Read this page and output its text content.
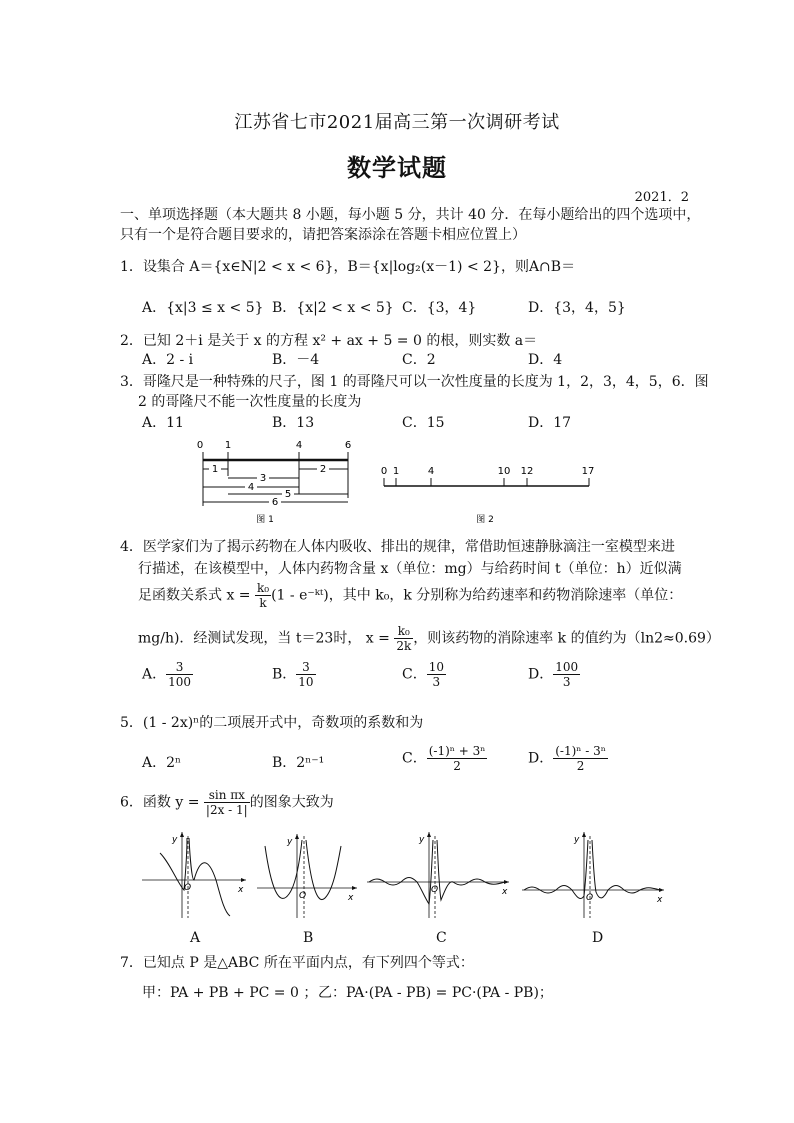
江苏省七市2021届高三第一次调研考试
数学试题
2021．2
一、单项选择题（本大题共 8 小题，每小题 5 分，共计 40 分．在每小题给出的四个选项中，
只有一个是符合题目要求的，请把答案添涂在答题卡相应位置上）
1．设集合 A＝{x∈N|2 < x < 6}，B＝{x|log₂(x－1) < 2}，则A∩B＝
A．{x|3 ≤ x < 5} B．{x|2 < x < 5} C．{3，4}	D．{3，4，5}
2．已知 2＋i 是关于 x 的方程 x² + ax + 5 = 0 的根，则实数 a＝
A．2 - i	B．－4	C．2	D．4
3．哥隆尺是一种特殊的尺子，图 1 的哥隆尺可以一次性度量的长度为 1，2，3，4，5，6．图
2 的哥隆尺不能一次性度量的长度为
A．11	B．13	C．15	D．17
0 1	4	6
1	2
3
4
5
6
图 1
0 1	4	10 12	17
图 2
4．医学家们为了揭示药物在人体内吸收、排出的规律，常借助恒速静脉滴注一室模型来进
行描述，在该模型中，人体内药物含量 x（单位：mg）与给药时间 t（单位：h）近似满
足函数关系式 $x = \frac{\text{k₀}}{k} (1$ - e⁻ᵏᵗ)，其中 k₀，k 分别称为给药速率和药物消除速率（单位：
mg/h)．经测试发现，当 t＝23时， $x = \frac{\text{k₀}}{2k}$ ，则该药物的消除速率 k 的值约为（ln2≈0.69）
A． $\frac{3}{100}$	B． $\frac{3}{10}$	C． $\frac{10}{3}$	D． $\frac{100}{3}$
5．(1 - 2x)ⁿ的二项展开式中，奇数项的系数和为
A．2ⁿ	B．2ⁿ⁻¹	C． $\frac{\text{(-1)ⁿ + 3ⁿ}}{2}$	D． $\frac{\text{(-1)ⁿ - 3ⁿ}}{2}$
6．函数 $y = \frac{\text{sin πx}}{|2x - 1|}$ 的图象大致为
y
x
O
y
x
O
y
x
O
y
x
O
A	B	C	D
7．已知点 P 是△ABC 所在平面内点，有下列四个等式：
甲：PA + PB + PC = 0 ； 乙：PA·(PA - PB) = PC·(PA - PB)；
